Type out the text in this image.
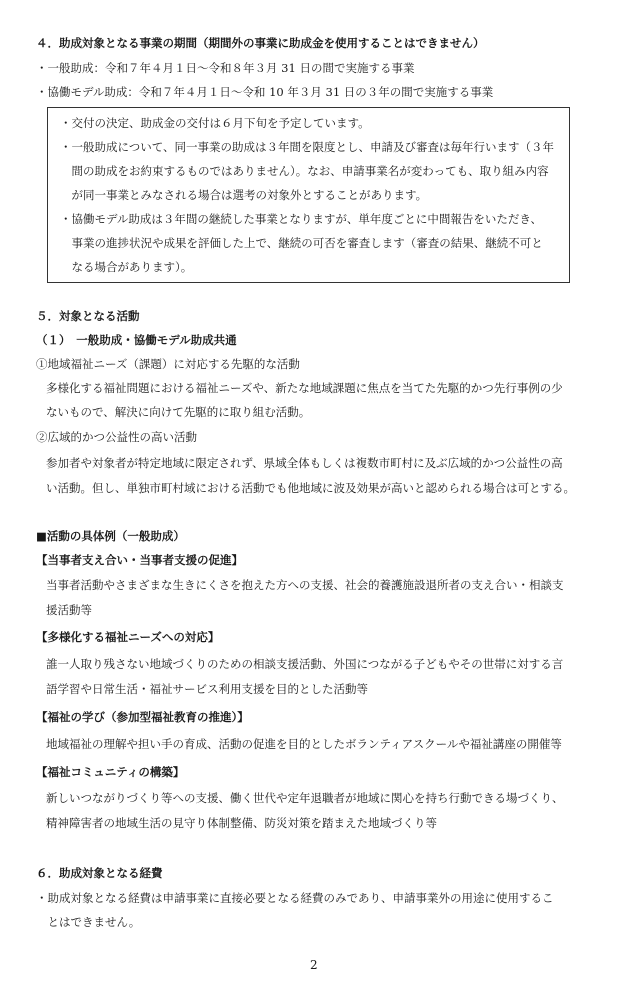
４．助成対象となる事業の期間（期間外の事業に助成金を使用することはできません）
・一般助成：令和７年４月１日〜令和８年３月 31 日の間で実施する事業
・協働モデル助成：令和７年４月１日〜令和 10 年３月 31 日の３年の間で実施する事業
・交付の決定、助成金の交付は６月下旬を予定しています。
・一般助成について、同一事業の助成は３年間を限度とし、申請及び審査は毎年行います（３年
　間の助成をお約束するものではありません）。なお、申請事業名が変わっても、取り組み内容
　が同一事業とみなされる場合は選考の対象外とすることがあります。
・協働モデル助成は３年間の継続した事業となりますが、単年度ごとに中間報告をいただき、
　事業の進捗状況や成果を評価した上で、継続の可否を審査します（審査の結果、継続不可と
　なる場合があります）。
５．対象となる活動
（１）　一般助成・協働モデル助成共通
①地域福祉ニーズ（課題）に対応する先駆的な活動
多様化する福祉問題における福祉ニーズや、新たな地域課題に焦点を当てた先駆的かつ先行事例の少
ないもので、解決に向けて先駆的に取り組む活動。
②広域的かつ公益性の高い活動
参加者や対象者が特定地域に限定されず、県域全体もしくは複数市町村に及ぶ広域的かつ公益性の高
い活動。但し、単独市町村域における活動でも他地域に波及効果が高いと認められる場合は可とする。
■活動の具体例（一般助成）
【当事者支え合い・当事者支援の促進】
当事者活動やさまざまな生きにくさを抱えた方への支援、社会的養護施設退所者の支え合い・相談支
援活動等
【多様化する福祉ニーズへの対応】
誰一人取り残さない地域づくりのための相談支援活動、外国につながる子どもやその世帯に対する言
語学習や日常生活・福祉サービス利用支援を目的とした活動等
【福祉の学び（参加型福祉教育の推進）】
地域福祉の理解や担い手の育成、活動の促進を目的としたボランティアスクールや福祉講座の開催等
【福祉コミュニティの構築】
新しいつながりづくり等への支援、働く世代や定年退職者が地域に関心を持ち行動できる場づくり、
精神障害者の地域生活の見守り体制整備、防災対策を踏まえた地域づくり等
６．助成対象となる経費
・助成対象となる経費は申請事業に直接必要となる経費のみであり、申請事業外の用途に使用するこ
　とはできません。
2
